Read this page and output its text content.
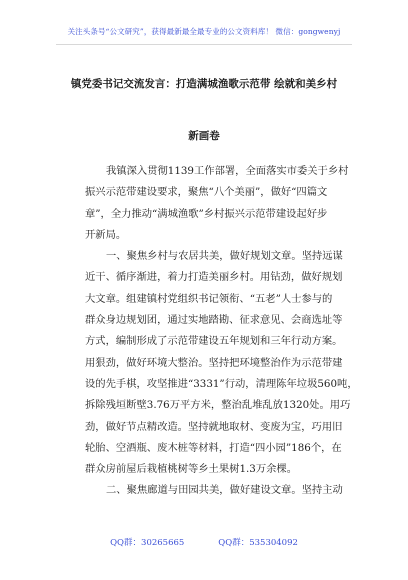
关注头条号“公文研究”，获得最新最全最专业的公文资料库！ 微信：gongwenyj
镇党委书记交流发言：打造满城渔歌示范带 绘就和美乡村
新画卷
我镇深入贯彻1139工作部署，全面落实市委关于乡村
振兴示范带建设要求，聚焦“八个美丽”，做好“四篇文
章”，全力推动“满城渔歌”乡村振兴示范带建设起好步
开新局。
一、聚焦乡村与农居共美，做好规划文章。坚持远谋
近干、循序渐进，着力打造美丽乡村。用钻劲，做好规划
大文章。组建镇村党组织书记领衔、“五老”人士参与的
群众身边规划团，通过实地踏勘、征求意见、会商选址等
方式，编制形成了示范带建设五年规划和三年行动方案。
用狠劲，做好环境大整治。坚持把环境整治作为示范带建
设的先手棋，攻坚推进“3331”行动，清理陈年垃圾560吨，
拆除残垣断壁3.76万平方米，整治乱堆乱放1320处。用巧
劲，做好节点精改造。坚持就地取材、变废为宝，巧用旧
轮胎、空酒瓶、废木桩等材料，打造“四小园”186个，在
群众房前屋后栽植桃树等乡土果树1.3万余棵。
二、聚焦廊道与田园共美，做好建设文章。坚持主动
QQ群：30265665	QQ群：535304092
